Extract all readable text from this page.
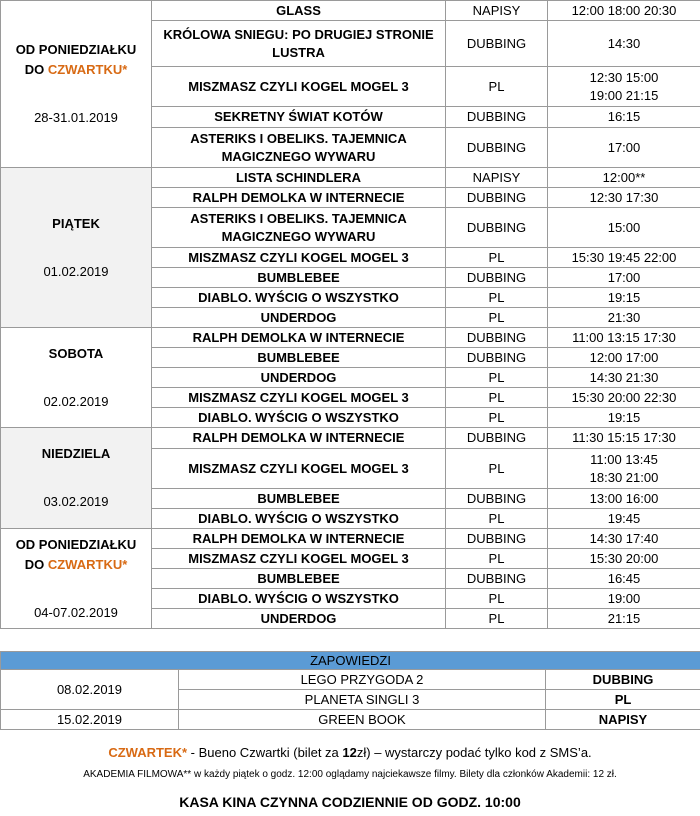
OD PONIEDZIAŁKU
DO CZWARTKU*
28-31.01.2019	GLASS	NAPISY	12:00 18:00 20:30

	KRÓLOWA SNIEGU: PO DRUGIEJ STRONIE LUSTRA	DUBBING	14:30

	MISZMASZ CZYLI KOGEL MOGEL 3	PL	12:30 15:00
19:00 21:15

	SEKRETNY ŚWIAT KOTÓW	DUBBING	16:15

	ASTERIKS I OBELIKS. TAJEMNICA MAGICZNEGO WYWARU	DUBBING	17:00

PIĄTEK
01.02.2019	LISTA SCHINDLERA	NAPISY	12:00**

	RALPH DEMOLKA W INTERNECIE	DUBBING	12:30 17:30

	ASTERIKS I OBELIKS. TAJEMNICA MAGICZNEGO WYWARU	DUBBING	15:00

	MISZMASZ CZYLI KOGEL MOGEL 3	PL	15:30 19:45 22:00

	BUMBLEBEE	DUBBING	17:00

	DIABLO. WYŚCIG O WSZYSTKO	PL	19:15

	UNDERDOG	PL	21:30

SOBOTA
02.02.2019	RALPH DEMOLKA W INTERNECIE	DUBBING	11:00 13:15 17:30

	BUMBLEBEE	DUBBING	12:00 17:00

	UNDERDOG	PL	14:30 21:30

	MISZMASZ CZYLI KOGEL MOGEL 3	PL	15:30 20:00 22:30

	DIABLO. WYŚCIG O WSZYSTKO	PL	19:15

NIEDZIELA
03.02.2019	RALPH DEMOLKA W INTERNECIE	DUBBING	11:30 15:15 17:30

	MISZMASZ CZYLI KOGEL MOGEL 3	PL	11:00 13:45
18:30 21:00

	BUMBLEBEE	DUBBING	13:00 16:00

	DIABLO. WYŚCIG O WSZYSTKO	PL	19:45

OD PONIEDZIAŁKU
DO CZWARTKU*
04-07.02.2019	RALPH DEMOLKA W INTERNECIE	DUBBING	14:30 17:40

	MISZMASZ CZYLI KOGEL MOGEL 3	PL	15:30 20:00

	BUMBLEBEE	DUBBING	16:45

	DIABLO. WYŚCIG O WSZYSTKO	PL	19:00

	UNDERDOG	PL	21:15
ZAPOWIEDZI		
08.02.2019	LEGO PRZYGODA 2	DUBBING
	PLANETA SINGLI 3	PL
15.02.2019	GREEN BOOK	NAPISY
CZWARTEK* - Bueno Czwartki (bilet za 12zł) – wystarczy podać tylko kod z SMS’a.
AKADEMIA FILMOWA** w każdy piątek o godz. 12:00 oglądamy najciekawsze filmy. Bilety dla członków Akademii: 12 zł.
KASA KINA CZYNNA CODZIENNIE OD GODZ. 10:00
